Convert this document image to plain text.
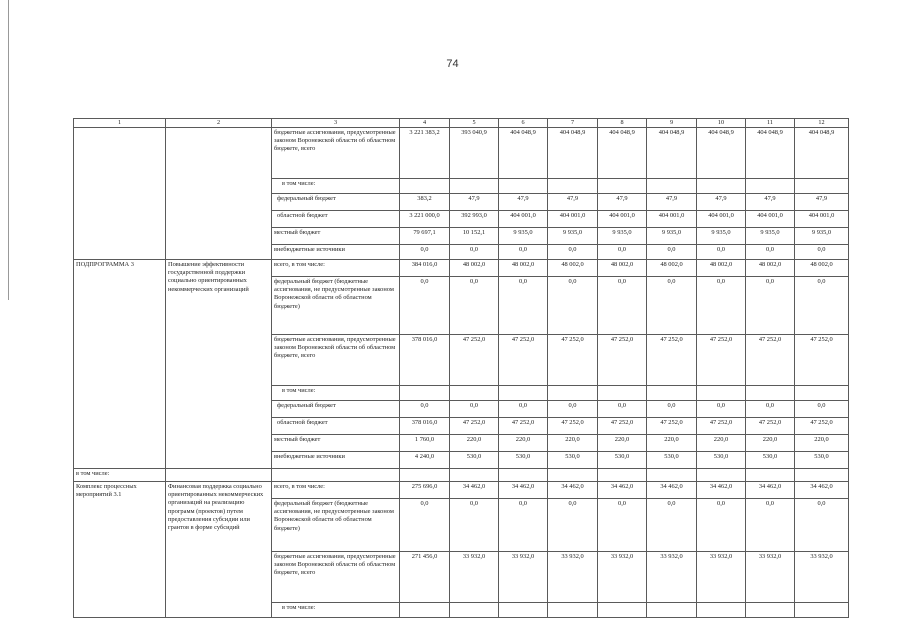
74
1	2	3	4	5	6	7	8	9	10	11	12
		бюджетные ассигнования, предусмотренные законом Воронежской области об областном бюджете, всего	3 221 383,2	393 040,9	404 048,9	404 048,9	404 048,9	404 048,9	404 048,9	404 048,9	404 048,9
		в том числе:									
		федеральный бюджет	383,2	47,9	47,9	47,9	47,9	47,9	47,9	47,9	47,9
		областной бюджет	3 221 000,0	392 993,0	404 001,0	404 001,0	404 001,0	404 001,0	404 001,0	404 001,0	404 001,0
		местный бюджет	79 697,1	10 152,1	9 935,0	9 935,0	9 935,0	9 935,0	9 935,0	9 935,0	9 935,0
		внебюджетные источники	0,0	0,0	0,0	0,0	0,0	0,0	0,0	0,0	0,0
ПОДПРОГРАММА 3	Повышение эффективности государственной поддержки социально ориентированных некоммерческих организаций	всего, в том числе:	384 016,0	48 002,0	48 002,0	48 002,0	48 002,0	48 002,0	48 002,0	48 002,0	48 002,0
		федеральный бюджет (бюджетные ассигнования, не предусмотренные законом Воронежской области об областном бюджете)	0,0	0,0	0,0	0,0	0,0	0,0	0,0	0,0	0,0
		бюджетные ассигнования, предусмотренные законом Воронежской области об областном бюджете, всего	378 016,0	47 252,0	47 252,0	47 252,0	47 252,0	47 252,0	47 252,0	47 252,0	47 252,0
		в том числе:									
		федеральный бюджет	0,0	0,0	0,0	0,0	0,0	0,0	0,0	0,0	0,0
		областной бюджет	378 016,0	47 252,0	47 252,0	47 252,0	47 252,0	47 252,0	47 252,0	47 252,0	47 252,0
		местный бюджет	1 760,0	220,0	220,0	220,0	220,0	220,0	220,0	220,0	220,0
		внебюджетные источники	4 240,0	530,0	530,0	530,0	530,0	530,0	530,0	530,0	530,0
в том числе:											
Комплекс процессных мероприятий 3.1	Финансовая поддержка социально ориентированных некоммерческих организаций на реализацию программ (проектов) путем предоставления субсидии или грантов в форме субсидий	всего, в том числе:	275 696,0	34 462,0	34 462,0	34 462,0	34 462,0	34 462,0	34 462,0	34 462,0	34 462,0
		федеральный бюджет (бюджетные ассигнования, не предусмотренные законом Воронежской области об областном бюджете)	0,0	0,0	0,0	0,0	0,0	0,0	0,0	0,0	0,0
		бюджетные ассигнования, предусмотренные законом Воронежской области об областном бюджете, всего	271 456,0	33 932,0	33 932,0	33 932,0	33 932,0	33 932,0	33 932,0	33 932,0	33 932,0
		в том числе:									
